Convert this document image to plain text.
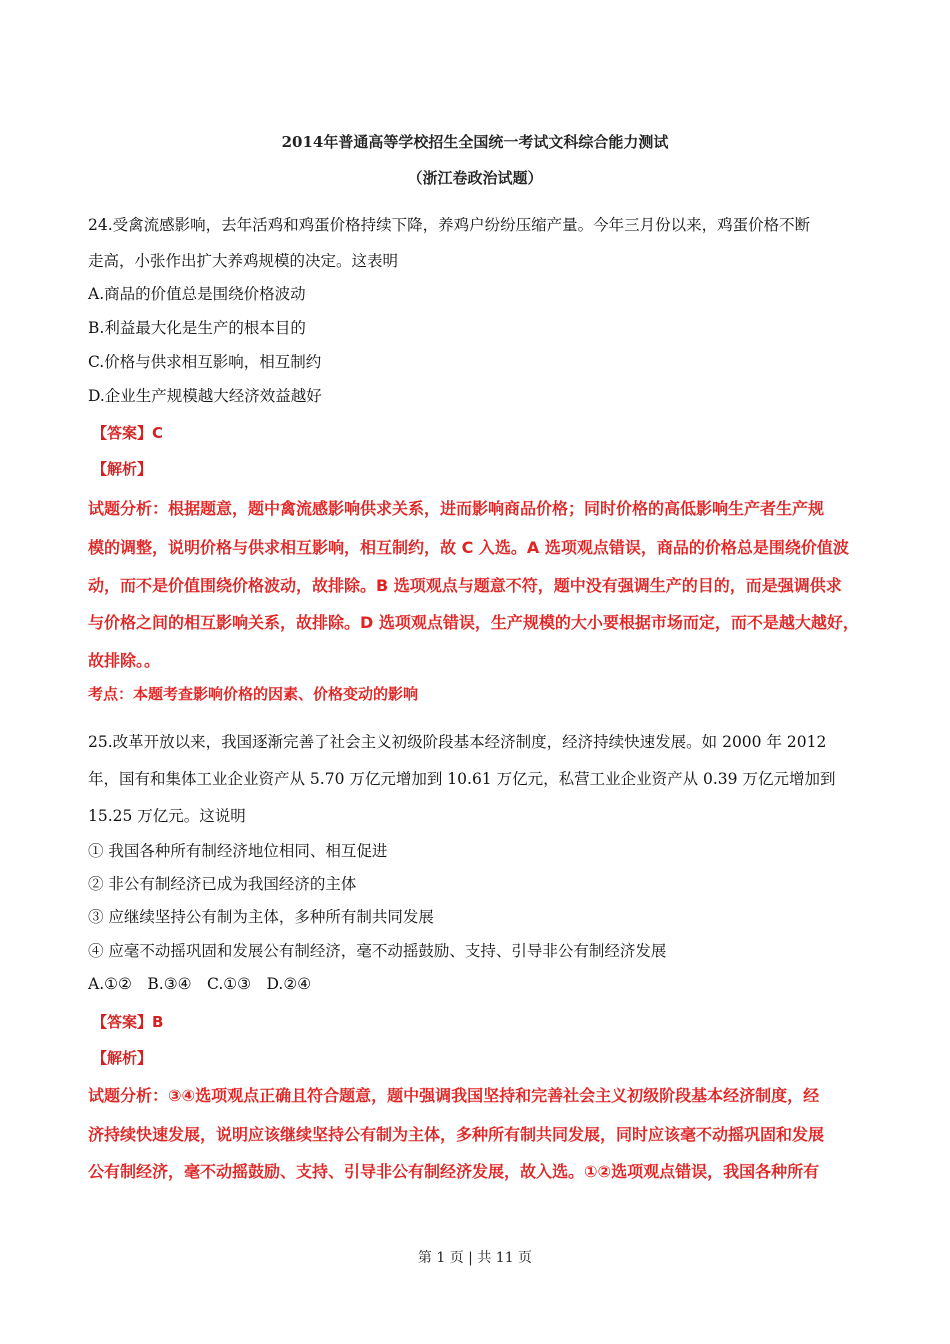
2014年普通高等学校招生全国统一考试文科综合能力测试
（浙江卷政治试题）
24.受禽流感影响，去年活鸡和鸡蛋价格持续下降，养鸡户纷纷压缩产量。今年三月份以来，鸡蛋价格不断
走高，小张作出扩大养鸡规模的决定。这表明
A.商品的价值总是围绕价格波动
B.利益最大化是生产的根本目的
C.价格与供求相互影响，相互制约
D.企业生产规模越大经济效益越好
【答案】C
【解析】
试题分析：根据题意，题中禽流感影响供求关系，进而影响商品价格；同时价格的高低影响生产者生产规
模的调整，说明价格与供求相互影响，相互制约，故 C 入选。A 选项观点错误，商品的价格总是围绕价值波
动，而不是价值围绕价格波动，故排除。B 选项观点与题意不符，题中没有强调生产的目的，而是强调供求
与价格之间的相互影响关系，故排除。D 选项观点错误，生产规模的大小要根据市场而定，而不是越大越好，
故排除。。
考点：本题考查影响价格的因素、价格变动的影响
25.改革开放以来，我国逐渐完善了社会主义初级阶段基本经济制度，经济持续快速发展。如 2000 年 2012
年，国有和集体工业企业资产从 5.70 万亿元增加到 10.61 万亿元，私营工业企业资产从 0.39 万亿元增加到
15.25 万亿元。这说明
① 我国各种所有制经济地位相同、相互促进
② 非公有制经济已成为我国经济的主体
③ 应继续坚持公有制为主体，多种所有制共同发展
④ 应毫不动摇巩固和发展公有制经济，毫不动摇鼓励、支持、引导非公有制经济发展
A.①②　B.③④　C.①③　D.②④
【答案】B
【解析】
试题分析：③④选项观点正确且符合题意，题中强调我国坚持和完善社会主义初级阶段基本经济制度，经
济持续快速发展，说明应该继续坚持公有制为主体，多种所有制共同发展，同时应该毫不动摇巩固和发展
公有制经济，毫不动摇鼓励、支持、引导非公有制经济发展，故入选。①②选项观点错误，我国各种所有
第 1 页 | 共 11 页
